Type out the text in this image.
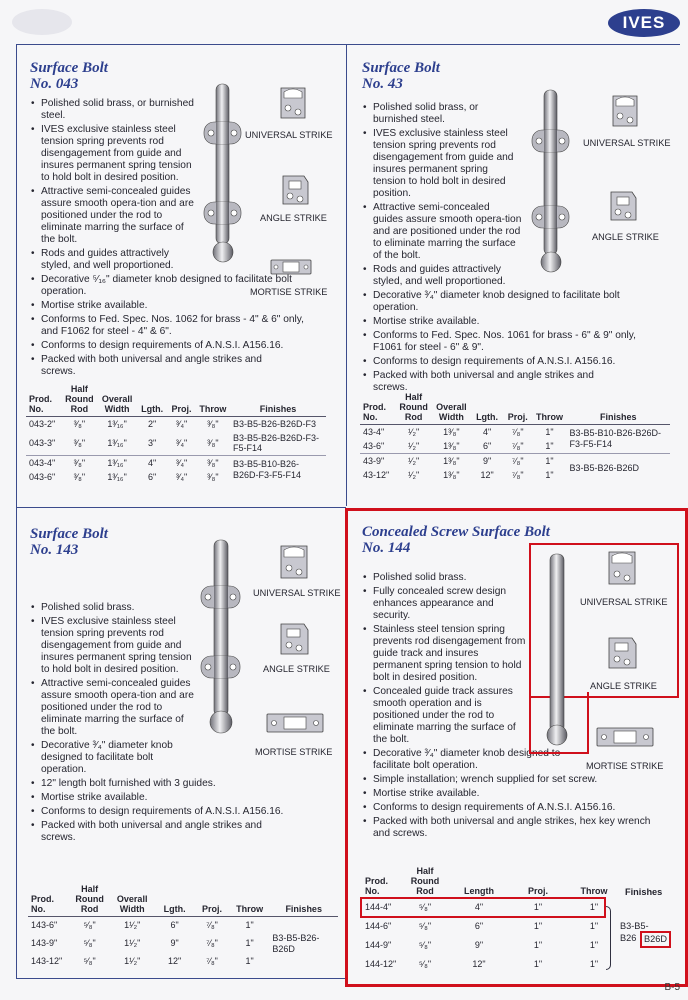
IVES
Surface Bolt
No. 043
• Polished solid brass, or burnished steel.
• IVES exclusive stainless steel tension spring prevents rod disengagement from guide and insures permanent spring tension to hold bolt in desired position.
• Attractive semi-concealed guides assure smooth opera-tion and are positioned under the rod to eliminate marring the surface of the bolt.
• Rods and guides attractively styled, and well proportioned.
• Decorative ⁵⁄₁₆" diameter knob designed to facilitate bolt operation.
• Mortise strike available.
• Conforms to Fed. Spec. Nos. 1062 for brass - 4" & 6" only, and F1062 for steel - 4" & 6".
• Conforms to design requirements of A.N.S.I. A156.16.
• Packed with both universal and angle strikes and screws.
UNIVERSAL STRIKE
ANGLE STRIKE
MORTISE STRIKE
Prod. No.	Half Round Rod	Overall Width	Lgth.	Proj.	Throw	Finishes
043-2"	³⁄₈"	1³⁄₁₆"	2"	³⁄₄"	³⁄₈"	B3-B5-B26-B26D-F3
043-3"	³⁄₈"	1³⁄₁₆"	3"	³⁄₄"	³⁄₈"	B3-B5-B26-B26D-F3-F5-F14
043-4"	³⁄₈"	1³⁄₁₆"	4"	³⁄₄"	³⁄₈"	B3-B5-B10-B26-B26D-F3-F5-F14
043-6"	³⁄₈"	1³⁄₁₆"	6"	³⁄₄"	³⁄₈"	
Surface Bolt
No. 43
• Polished solid brass, or burnished steel.
• IVES exclusive stainless steel tension spring prevents rod disengagement from guide and insures permanent spring tension to hold bolt in desired position.
• Attractive semi-concealed guides assure smooth opera-tion and are positioned under the rod to eliminate marring the surface of the bolt.
• Rods and guides attractively styled, and well proportioned.
• Decorative ³⁄₄" diameter knob designed to facilitate bolt operation.
• Mortise strike available.
• Conforms to Fed. Spec. Nos. 1061 for brass - 6" & 9" only, F1061 for steel - 6" & 9".
• Conforms to design requirements of A.N.S.I. A156.16.
• Packed with both universal and angle strikes and screws.
UNIVERSAL STRIKE
ANGLE STRIKE
Prod. No.	Half Round Rod	Overall Width	Lgth.	Proj.	Throw	Finishes
43-4"	¹⁄₂"	1³⁄₈"	4"	⁷⁄₈"	1"	B3-B5-B10-B26-B26D-F3-F5-F14
43-6"	¹⁄₂"	1³⁄₈"	6"	⁷⁄₈"	1"	
43-9"	¹⁄₂"	1³⁄₈"	9"	⁷⁄₈"	1"	B3-B5-B26-B26D
43-12"	¹⁄₂"	1³⁄₈"	12"	⁷⁄₈"	1"	
Surface Bolt
No. 143
• Polished solid brass.
• IVES exclusive stainless steel tension spring prevents rod disengagement from guide and insures permanent spring tension to hold bolt in desired position.
• Attractive semi-concealed guides assure smooth opera-tion and are positioned under the rod to eliminate marring the surface of the bolt.
• Decorative ³⁄₄" diameter knob designed to facilitate bolt operation.
• 12" length bolt furnished with 3 guides.
• Mortise strike available.
• Conforms to design requirements of A.N.S.I. A156.16.
• Packed with both universal and angle strikes and screws.
UNIVERSAL STRIKE
ANGLE STRIKE
MORTISE STRIKE
Prod. No.	Half Round Rod	Overall Width	Lgth.	Proj.	Throw	Finishes
143-6"	⁵⁄₈"	1¹⁄₂"	6"	⁷⁄₈"	1"	B3-B5-B26-B26D
143-9"	⁵⁄₈"	1¹⁄₂"	9"	⁷⁄₈"	1"	
143-12"	⁵⁄₈"	1¹⁄₂"	12"	⁷⁄₈"	1"	
Concealed Screw Surface Bolt
No. 144
• Polished solid brass.
• Fully concealed screw design enhances appearance and security.
• Stainless steel tension spring prevents rod disengagement from guide track and insures permanent spring tension to hold bolt in desired position.
• Concealed guide track assures smooth operation and is positioned under the rod to eliminate marring the surface of the bolt.
• Decorative ³⁄₄" diameter knob designed to facilitate bolt operation.
• Simple installation; wrench supplied for set screw.
• Mortise strike available.
• Conforms to design requirements of A.N.S.I. A156.16.
• Packed with both universal and angle strikes, hex key wrench and screws.
UNIVERSAL STRIKE
ANGLE STRIKE
MORTISE STRIKE
Prod. No.	Half Round Rod	Length	Proj.	Throw
144-4"	⁵⁄₈"	4"	1"	1"
144-6"	⁵⁄₈"	6"	1"	1"
144-9"	⁵⁄₈"	9"	1"	1"
144-12"	⁵⁄₈"	12"	1"	1"
Finishes
B3-B5-
B26 B26D
B-5
